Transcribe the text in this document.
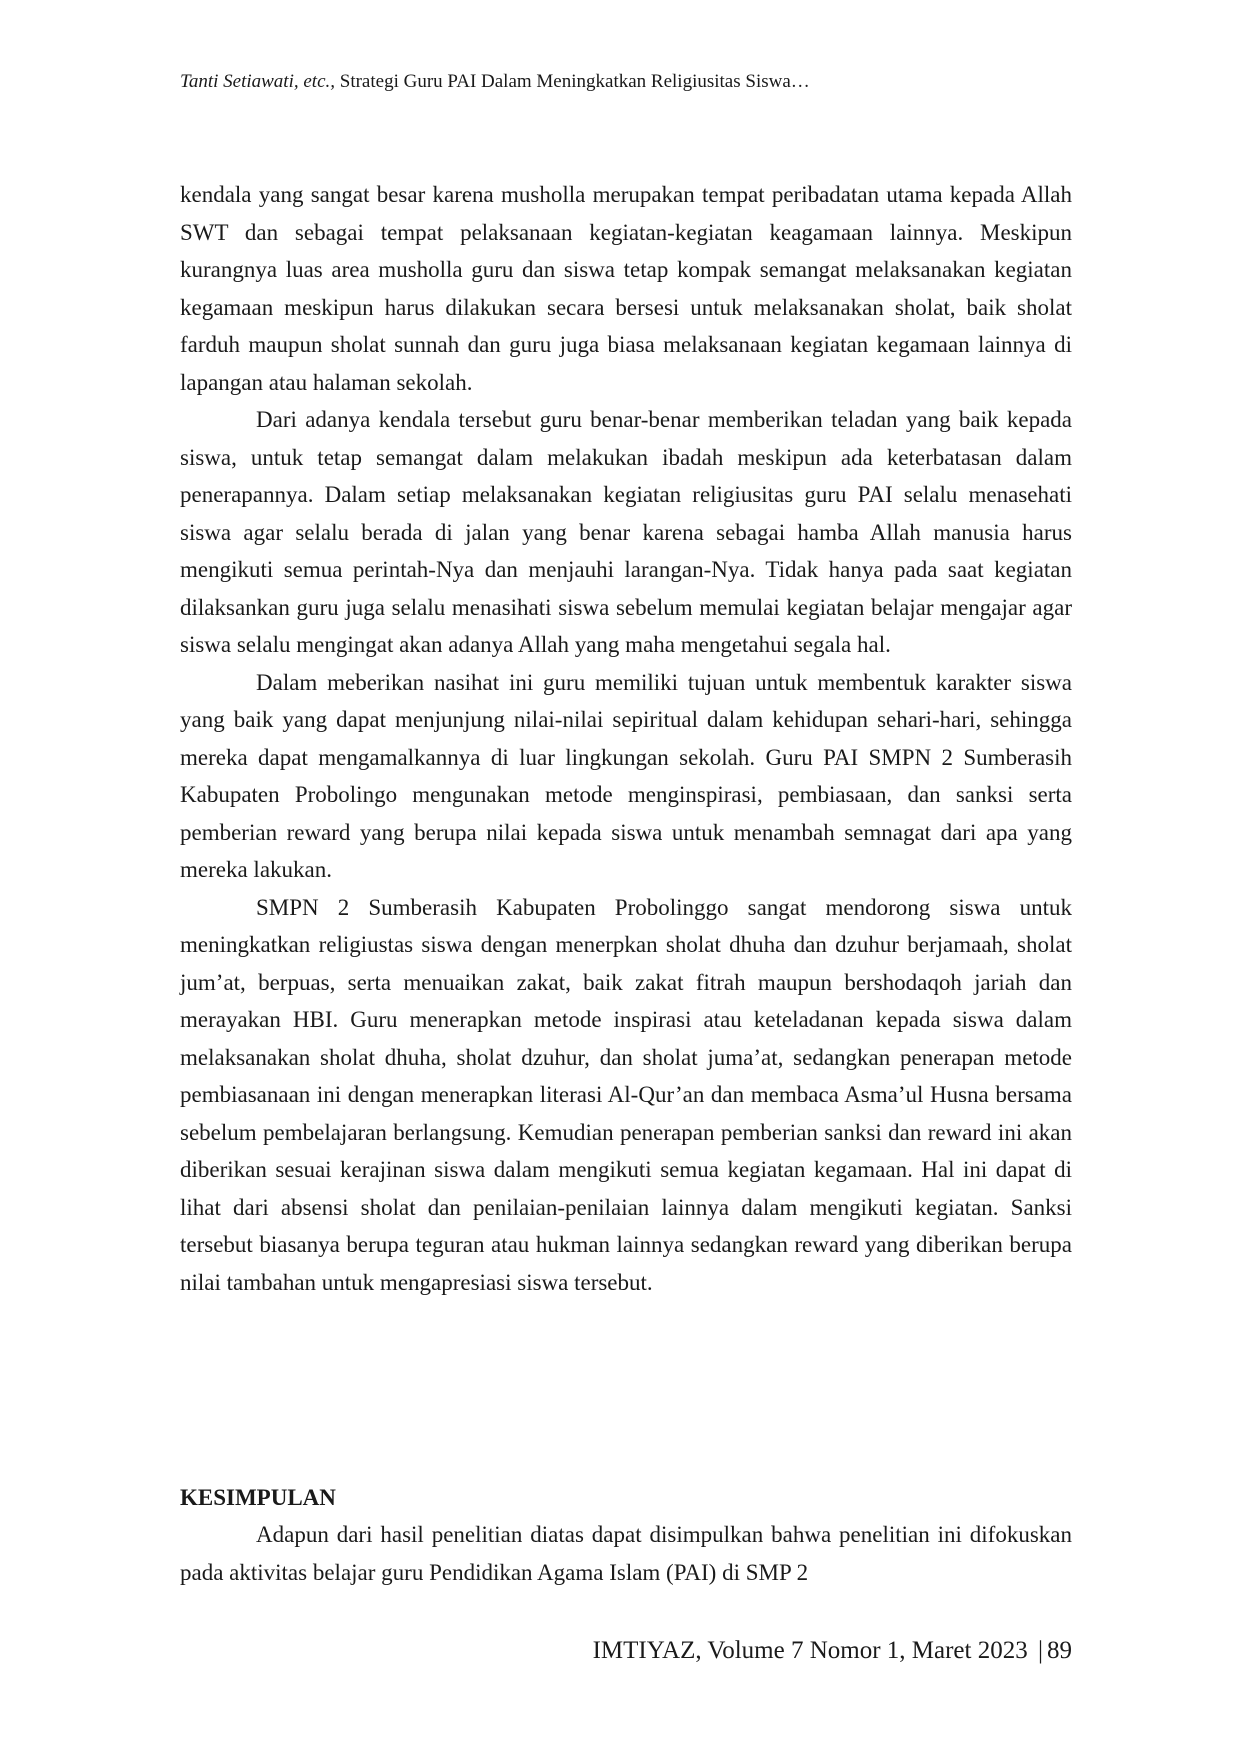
Tanti Setiawati, etc., Strategi Guru PAI Dalam Meningkatkan Religiusitas Siswa…

kendala yang sangat besar karena musholla merupakan tempat peribadatan utama kepada Allah SWT dan sebagai tempat pelaksanaan kegiatan-kegiatan keagamaan lainnya. Meskipun kurangnya luas area musholla guru dan siswa tetap kompak semangat melaksanakan kegiatan kegamaan meskipun harus dilakukan secara bersesi untuk melaksanakan sholat, baik sholat farduh maupun sholat sunnah dan guru juga biasa melaksanaan kegiatan kegamaan lainnya di lapangan atau halaman sekolah.

Dari adanya kendala tersebut guru benar-benar memberikan teladan yang baik kepada siswa, untuk tetap semangat dalam melakukan ibadah meskipun ada keterbatasan dalam penerapannya. Dalam setiap melaksanakan kegiatan religiusitas guru PAI selalu menasehati siswa agar selalu berada di jalan yang benar karena sebagai hamba Allah manusia harus mengikuti semua perintah-Nya dan menjauhi larangan-Nya. Tidak hanya pada saat kegiatan dilaksankan guru juga selalu menasihati siswa sebelum memulai kegiatan belajar mengajar agar siswa selalu mengingat akan adanya Allah yang maha mengetahui segala hal.

Dalam meberikan nasihat ini guru memiliki tujuan untuk membentuk karakter siswa yang baik yang dapat menjunjung nilai-nilai sepiritual dalam kehidupan sehari-hari, sehingga mereka dapat mengamalkannya di luar lingkungan sekolah. Guru PAI SMPN 2 Sumberasih Kabupaten Probolingo mengunakan metode menginspirasi, pembiasaan, dan sanksi serta pemberian reward yang berupa nilai kepada siswa untuk menambah semnagat dari apa yang mereka lakukan.

SMPN 2 Sumberasih Kabupaten Probolinggo sangat mendorong siswa untuk meningkatkan religiustas siswa dengan menerpkan sholat dhuha dan dzuhur berjamaah, sholat jum’at, berpuas, serta menuaikan zakat, baik zakat fitrah maupun bershodaqoh jariah dan merayakan HBI. Guru menerapkan metode inspirasi atau keteladanan kepada siswa dalam melaksanakan sholat dhuha, sholat dzuhur, dan sholat juma’at, sedangkan penerapan metode pembiasanaan ini dengan menerapkan literasi Al-Qur’an dan membaca Asma’ul Husna bersama sebelum pembelajaran berlangsung. Kemudian penerapan pemberian sanksi dan reward ini akan diberikan sesuai kerajinan siswa dalam mengikuti semua kegiatan kegamaan. Hal ini dapat di lihat dari absensi sholat dan penilaian-penilaian lainnya dalam mengikuti kegiatan. Sanksi tersebut biasanya berupa teguran atau hukman lainnya sedangkan reward yang diberikan berupa nilai tambahan untuk mengapresiasi siswa tersebut.

KESIMPULAN

Adapun dari hasil penelitian diatas dapat disimpulkan bahwa penelitian ini difokuskan pada aktivitas belajar guru Pendidikan Agama Islam (PAI) di SMP 2

IMTIYAZ, Volume 7 Nomor 1, Maret 2023 | 89
